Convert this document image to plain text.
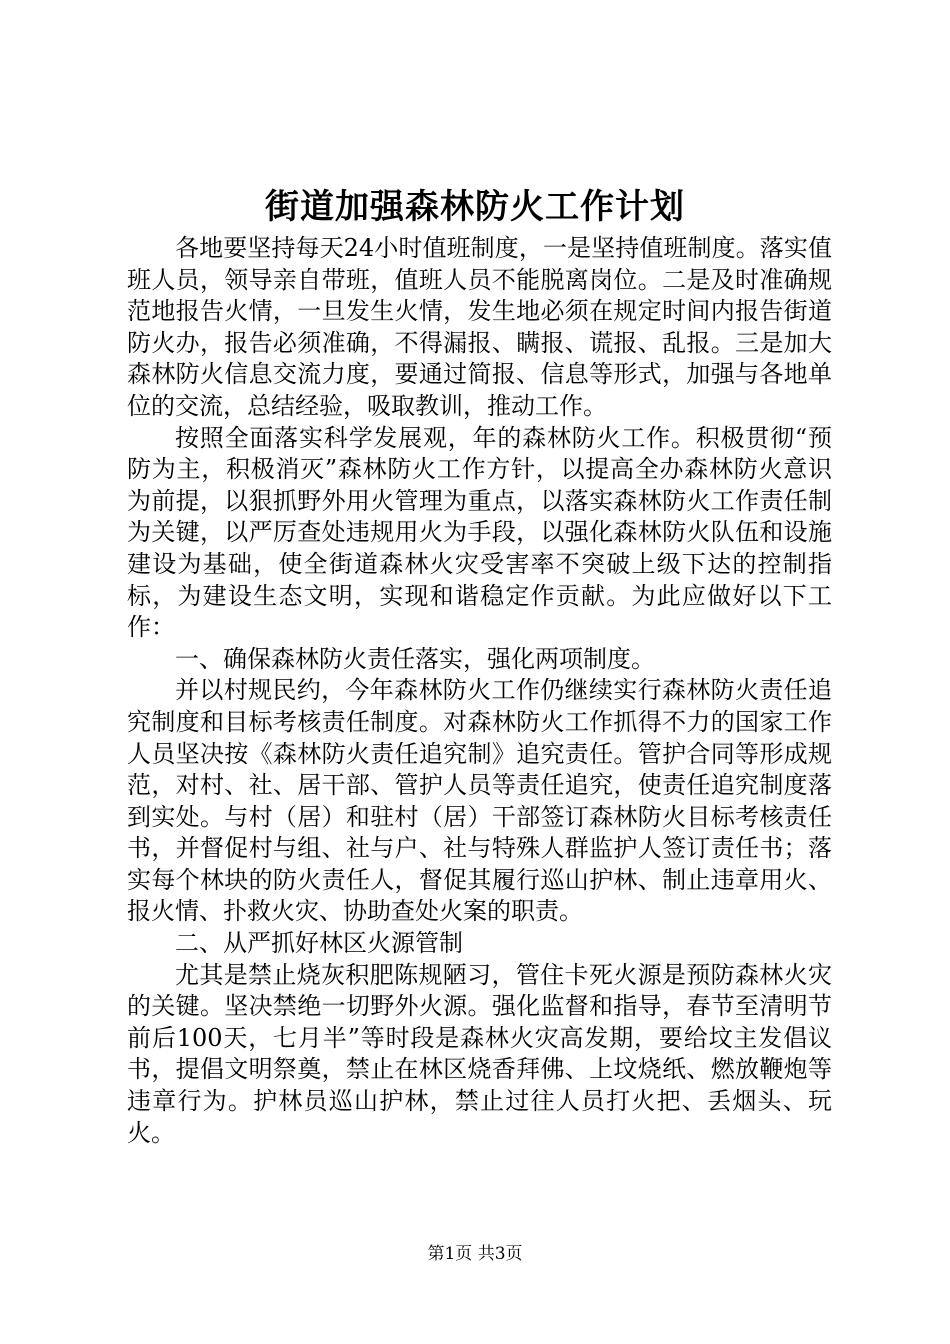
街道加强森林防火工作计划

各地要坚持每天24小时值班制度，一是坚持值班制度。落实值班人员，领导亲自带班，值班人员不能脱离岗位。二是及时准确规范地报告火情，一旦发生火情，发生地必须在规定时间内报告街道防火办，报告必须准确，不得漏报、瞒报、谎报、乱报。三是加大森林防火信息交流力度，要通过简报、信息等形式，加强与各地单位的交流，总结经验，吸取教训，推动工作。

按照全面落实科学发展观，年的森林防火工作。积极贯彻“预防为主，积极消灭”森林防火工作方针，以提高全办森林防火意识为前提，以狠抓野外用火管理为重点，以落实森林防火工作责任制为关键，以严厉查处违规用火为手段，以强化森林防火队伍和设施建设为基础，使全街道森林火灾受害率不突破上级下达的控制指标，为建设生态文明，实现和谐稳定作贡献。为此应做好以下工作：

一、确保森林防火责任落实，强化两项制度。

并以村规民约，今年森林防火工作仍继续实行森林防火责任追究制度和目标考核责任制度。对森林防火工作抓得不力的国家工作人员坚决按《森林防火责任追究制》追究责任。管护合同等形成规范，对村、社、居干部、管护人员等责任追究，使责任追究制度落到实处。与村（居）和驻村（居）干部签订森林防火目标考核责任书，并督促村与组、社与户、社与特殊人群监护人签订责任书；落实每个林块的防火责任人，督促其履行巡山护林、制止违章用火、报火情、扑救火灾、协助查处火案的职责。

二、从严抓好林区火源管制

尤其是禁止烧灰积肥陈规陋习，管住卡死火源是预防森林火灾的关键。坚决禁绝一切野外火源。强化监督和指导，春节至清明节前后100天，七月半”等时段是森林火灾高发期，要给坟主发倡议书，提倡文明祭奠，禁止在林区烧香拜佛、上坟烧纸、燃放鞭炮等违章行为。护林员巡山护林，禁止过往人员打火把、丢烟头、玩火。

第1页 共3页
